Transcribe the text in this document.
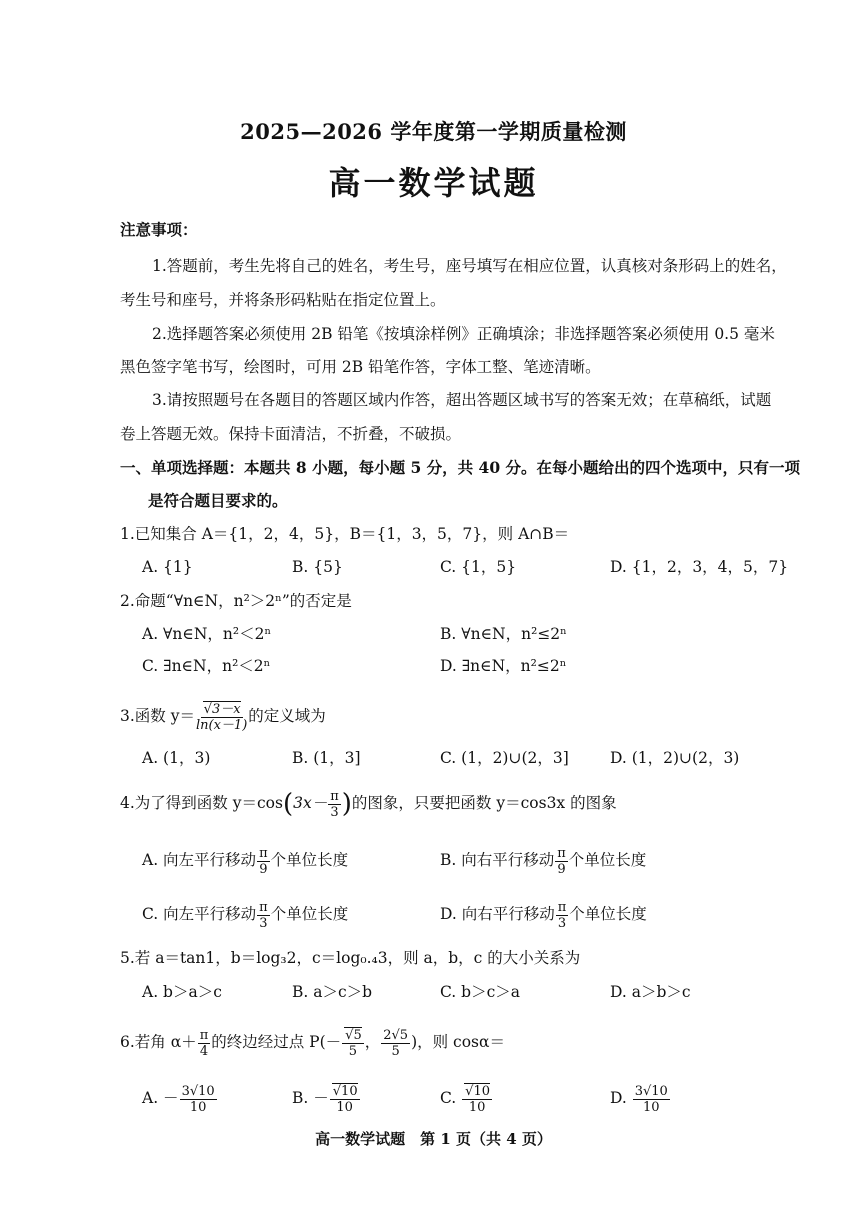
2025—2026 学年度第一学期质量检测
高一数学试题
注意事项：
1.答题前，考生先将自己的姓名，考生号，座号填写在相应位置，认真核对条形码上的姓名，
考生号和座号，并将条形码粘贴在指定位置上。
2.选择题答案必须使用 2B 铅笔《按填涂样例》正确填涂；非选择题答案必须使用 0.5 毫米
黑色签字笔书写，绘图时，可用 2B 铅笔作答，字体工整、笔迹清晰。
3.请按照题号在各题目的答题区域内作答，超出答题区域书写的答案无效；在草稿纸，试题
卷上答题无效。保持卡面清洁，不折叠，不破损。
一、单项选择题：本题共 8 小题，每小题 5 分，共 40 分。在每小题给出的四个选项中，只有一项
是符合题目要求的。
1.已知集合 A＝{1，2，4，5}，B＝{1，3，5，7}，则 A∩B＝
A. {1}	B. {5}	C. {1，5}	D. {1，2，3，4，5，7}
2.命题“∀n∈N，n²＞2ⁿ”的否定是
A. ∀n∈N，n²＜2ⁿ	B. ∀n∈N，n²≤2ⁿ
C. ∃n∈N，n²＜2ⁿ	D. ∃n∈N，n²≤2ⁿ
3.函数 y＝ √ $\frac{3-x}{\ln(x-1)}$ 的定义域为
A. (1，3)	B. (1，3]	C. (1，2)∪(2，3]	D. (1，2)∪(2，3)
4.为了得到函数 $y=\cos(3x- \frac{\pi}{3}$ )的图象，只要把函数 y＝cos3x 的图象
A. 向左平行移动 $\frac{\pi}{9}$ 个单位长度	B. 向右平行移动 $\frac{\pi}{9}$ 个单位长度
C. 向左平行移动 $\frac{\pi}{3}$ 个单位长度	D. 向右平行移动 $\frac{\pi}{3}$ 个单位长度
5.若 a＝tan1，b＝log₃2，c＝log₀.₄3，则 a，b，c 的大小关系为
A. b＞a＞c	B. a＞c＞b	C. b＞c＞a	D. a＞b＞c
6.若角 $\alpha+ \frac{\pi}{4}$ 的终边经过点 P(－ √ $\frac{5}{5}$ ， $\frac{2√5}{5}$ )，则 cosα＝
A. － $\frac{3√10}{10}$	B. － √ $\frac{10}{10}$	C. √ $\frac{10}{10}$	D. $\frac{3√10}{10}$
高一数学试题　第 1 页（共 4 页）
